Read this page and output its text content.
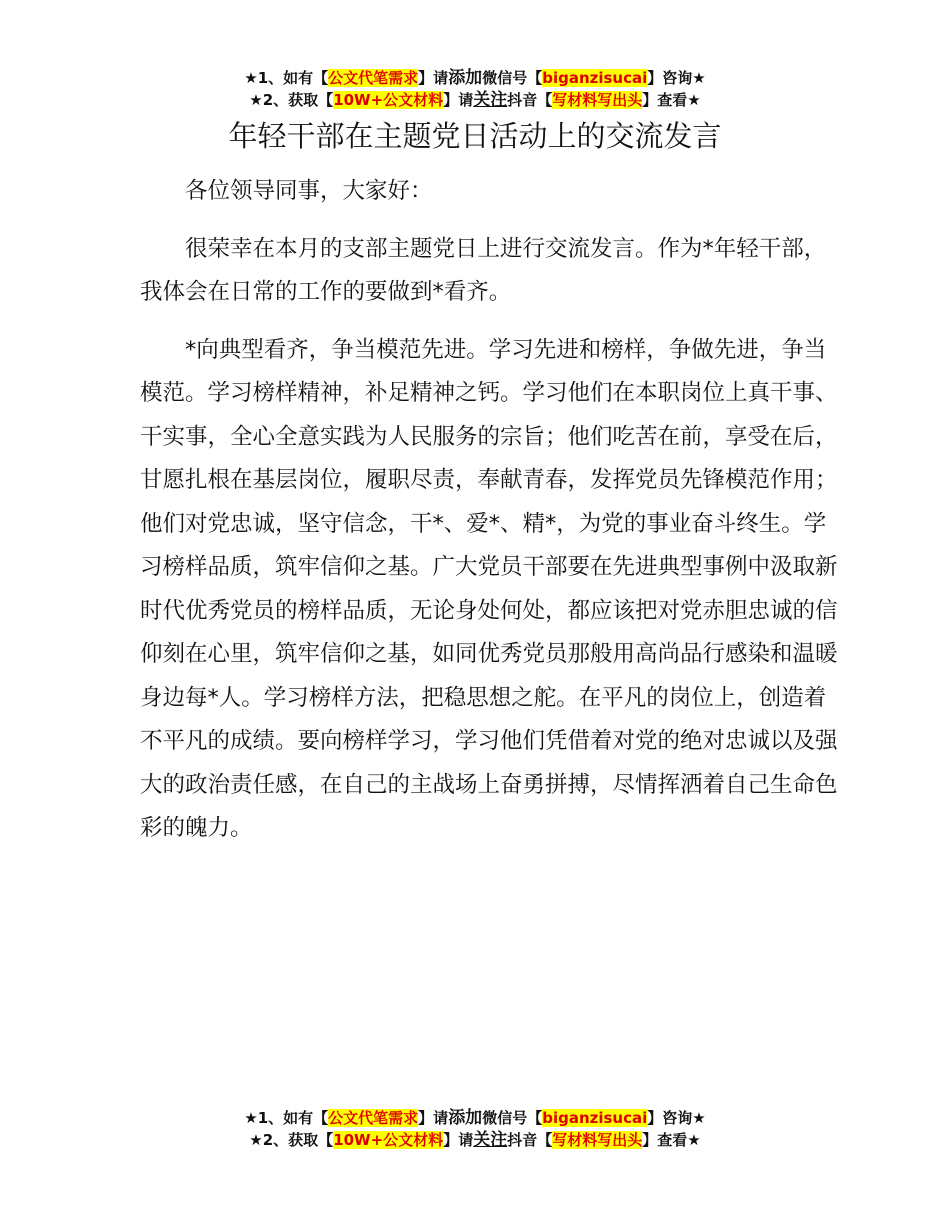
★1、如有【公文代笔需求】请添加微信号【biganzisucai】咨询★
★2、获取【10W+公文材料】请关注抖音【写材料写出头】查看★
年轻干部在主题党日活动上的交流发言

各位领导同事，大家好：

很荣幸在本月的支部主题党日上进行交流发言。作为*年轻干部，我体会在日常的工作的要做到*看齐。

*向典型看齐，争当模范先进。学习先进和榜样，争做先进，争当模范。学习榜样精神，补足精神之钙。学习他们在本职岗位上真干事、干实事，全心全意实践为人民服务的宗旨；他们吃苦在前，享受在后，甘愿扎根在基层岗位，履职尽责，奉献青春，发挥党员先锋模范作用；他们对党忠诚，坚守信念，干*、爱*、精*，为党的事业奋斗终生。学习榜样品质，筑牢信仰之基。广大党员干部要在先进典型事例中汲取新时代优秀党员的榜样品质，无论身处何处，都应该把对党赤胆忠诚的信仰刻在心里，筑牢信仰之基，如同优秀党员那般用高尚品行感染和温暖身边每*人。学习榜样方法，把稳思想之舵。在平凡的岗位上，创造着不平凡的成绩。要向榜样学习，学习他们凭借着对党的绝对忠诚以及强大的政治责任感，在自己的主战场上奋勇拼搏，尽情挥洒着自己生命色彩的魄力。

★1、如有【公文代笔需求】请添加微信号【biganzisucai】咨询★
★2、获取【10W+公文材料】请关注抖音【写材料写出头】查看★
